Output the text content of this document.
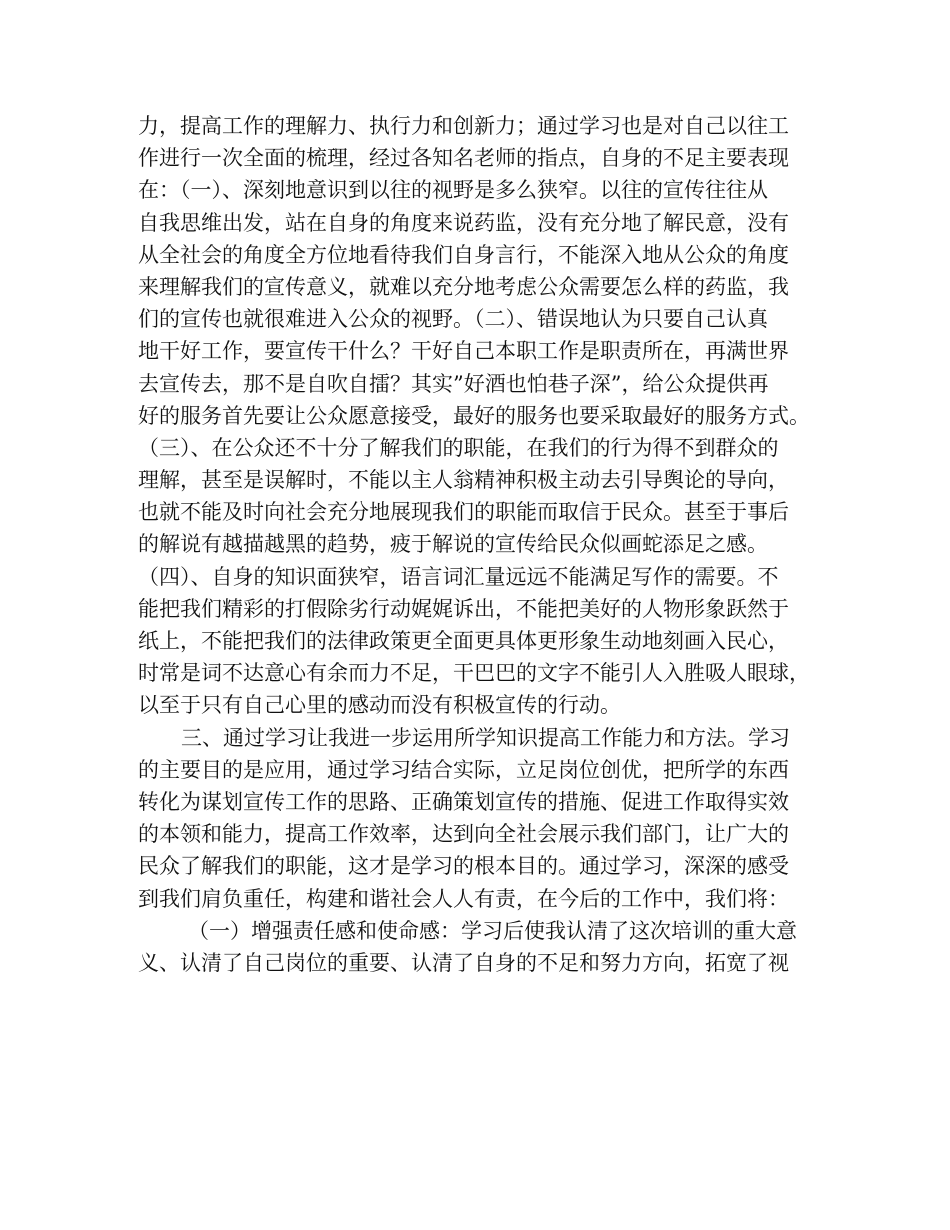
力，提高工作的理解力、执行力和创新力；通过学习也是对自己以往工
作进行一次全面的梳理，经过各知名老师的指点，自身的不足主要表现
在：（一）、深刻地意识到以往的视野是多么狭窄。以往的宣传往往从
自我思维出发，站在自身的角度来说药监，没有充分地了解民意，没有
从全社会的角度全方位地看待我们自身言行，不能深入地从公众的角度
来理解我们的宣传意义，就难以充分地考虑公众需要怎么样的药监，我
们的宣传也就很难进入公众的视野。（二）、错误地认为只要自己认真
地干好工作，要宣传干什么？干好自己本职工作是职责所在，再满世界
去宣传去，那不是自吹自擂？其实”好酒也怕巷子深”，给公众提供再
好的服务首先要让公众愿意接受，最好的服务也要采取最好的服务方式。
（三）、在公众还不十分了解我们的职能，在我们的行为得不到群众的
理解，甚至是误解时，不能以主人翁精神积极主动去引导舆论的导向，
也就不能及时向社会充分地展现我们的职能而取信于民众。甚至于事后
的解说有越描越黑的趋势，疲于解说的宣传给民众似画蛇添足之感。
（四）、自身的知识面狭窄，语言词汇量远远不能满足写作的需要。不
能把我们精彩的打假除劣行动娓娓诉出，不能把美好的人物形象跃然于
纸上，不能把我们的法律政策更全面更具体更形象生动地刻画入民心，
时常是词不达意心有余而力不足，干巴巴的文字不能引人入胜吸人眼球，
以至于只有自己心里的感动而没有积极宣传的行动。
三、通过学习让我进一步运用所学知识提高工作能力和方法。学习
的主要目的是应用，通过学习结合实际，立足岗位创优，把所学的东西
转化为谋划宣传工作的思路、正确策划宣传的措施、促进工作取得实效
的本领和能力，提高工作效率，达到向全社会展示我们部门，让广大的
民众了解我们的职能，这才是学习的根本目的。通过学习，深深的感受
到我们肩负重任，构建和谐社会人人有责，在今后的工作中，我们将：
（一）增强责任感和使命感：学习后使我认清了这次培训的重大意
义、认清了自己岗位的重要、认清了自身的不足和努力方向，拓宽了视
